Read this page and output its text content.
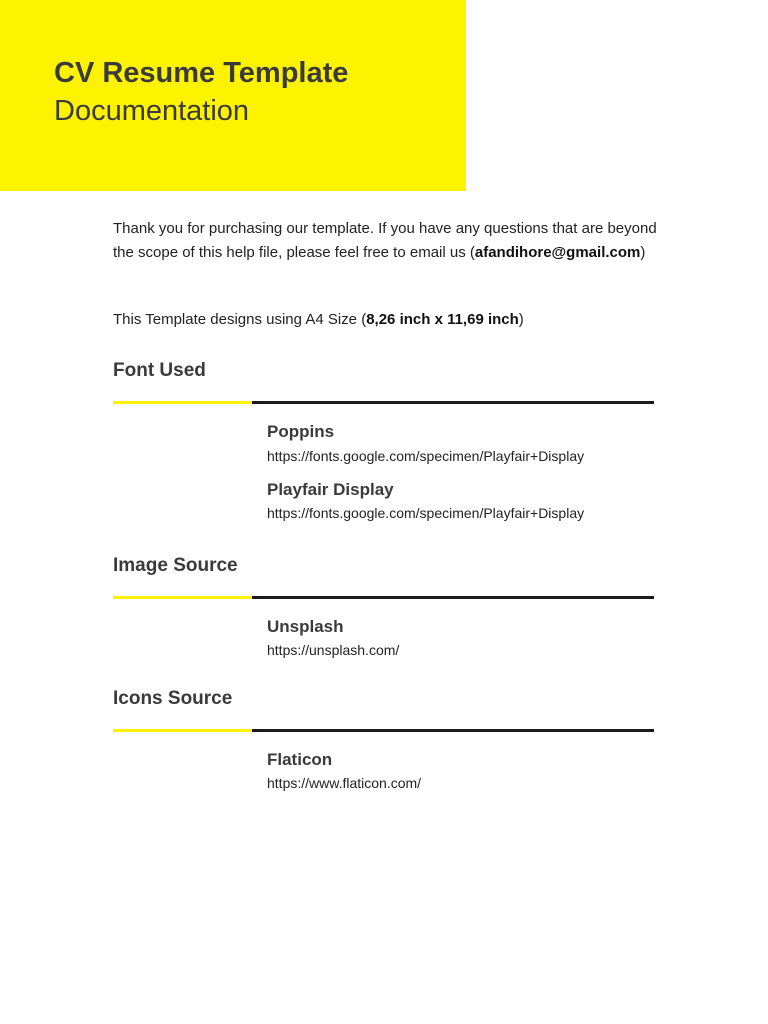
CV Resume Template
Documentation
Thank you for purchasing our template. If you have any questions that are beyond the scope of this help file, please feel free to email us (afandihore@gmail.com)
This Template designs using A4 Size (8,26 inch x 11,69 inch)
Font Used
Poppins
https://fonts.google.com/specimen/Playfair+Display
Playfair Display
https://fonts.google.com/specimen/Playfair+Display
Image Source
Unsplash
https://unsplash.com/
Icons Source
Flaticon
https://www.flaticon.com/
